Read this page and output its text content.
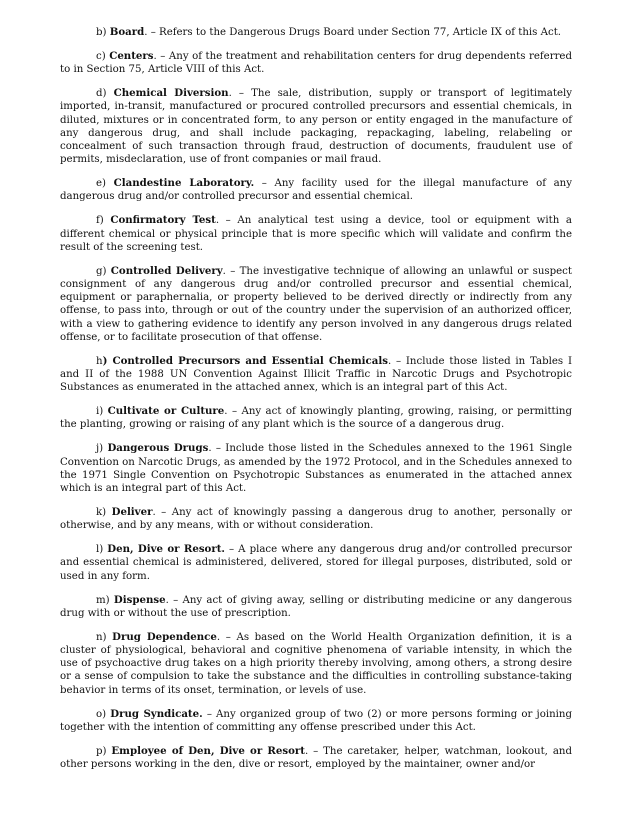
b) Board. – Refers to the Dangerous Drugs Board under Section 77, Article IX of this Act.

c) Centers. – Any of the treatment and rehabilitation centers for drug dependents referred to in Section 75, Article VIII of this Act.

d) Chemical Diversion. – The sale, distribution, supply or transport of legitimately imported, in-transit, manufactured or procured controlled precursors and essential chemicals, in diluted, mixtures or in concentrated form, to any person or entity engaged in the manufacture of any dangerous drug, and shall include packaging, repackaging, labeling, relabeling or concealment of such transaction through fraud, destruction of documents, fraudulent use of permits, misdeclaration, use of front companies or mail fraud.

e) Clandestine Laboratory. – Any facility used for the illegal manufacture of any dangerous drug and/or controlled precursor and essential chemical.

f) Confirmatory Test. – An analytical test using a device, tool or equipment with a different chemical or physical principle that is more specific which will validate and confirm the result of the screening test.

g) Controlled Delivery. – The investigative technique of allowing an unlawful or suspect consignment of any dangerous drug and/or controlled precursor and essential chemical, equipment or paraphernalia, or property believed to be derived directly or indirectly from any offense, to pass into, through or out of the country under the supervision of an authorized officer, with a view to gathering evidence to identify any person involved in any dangerous drugs related offense, or to facilitate prosecution of that offense.

h) Controlled Precursors and Essential Chemicals. – Include those listed in Tables I and II of the 1988 UN Convention Against Illicit Traffic in Narcotic Drugs and Psychotropic Substances as enumerated in the attached annex, which is an integral part of this Act.

i) Cultivate or Culture. – Any act of knowingly planting, growing, raising, or permitting the planting, growing or raising of any plant which is the source of a dangerous drug.

j) Dangerous Drugs. – Include those listed in the Schedules annexed to the 1961 Single Convention on Narcotic Drugs, as amended by the 1972 Protocol, and in the Schedules annexed to the 1971 Single Convention on Psychotropic Substances as enumerated in the attached annex which is an integral part of this Act.

k) Deliver. – Any act of knowingly passing a dangerous drug to another, personally or otherwise, and by any means, with or without consideration.

l) Den, Dive or Resort. – A place where any dangerous drug and/or controlled precursor and essential chemical is administered, delivered, stored for illegal purposes, distributed, sold or used in any form.

m) Dispense. – Any act of giving away, selling or distributing medicine or any dangerous drug with or without the use of prescription.

n) Drug Dependence. – As based on the World Health Organization definition, it is a cluster of physiological, behavioral and cognitive phenomena of variable intensity, in which the use of psychoactive drug takes on a high priority thereby involving, among others, a strong desire or a sense of compulsion to take the substance and the difficulties in controlling substance-taking behavior in terms of its onset, termination, or levels of use.

o) Drug Syndicate. – Any organized group of two (2) or more persons forming or joining together with the intention of committing any offense prescribed under this Act.

p) Employee of Den, Dive or Resort. – The caretaker, helper, watchman, lookout, and other persons working in the den, dive or resort, employed by the maintainer, owner and/or
